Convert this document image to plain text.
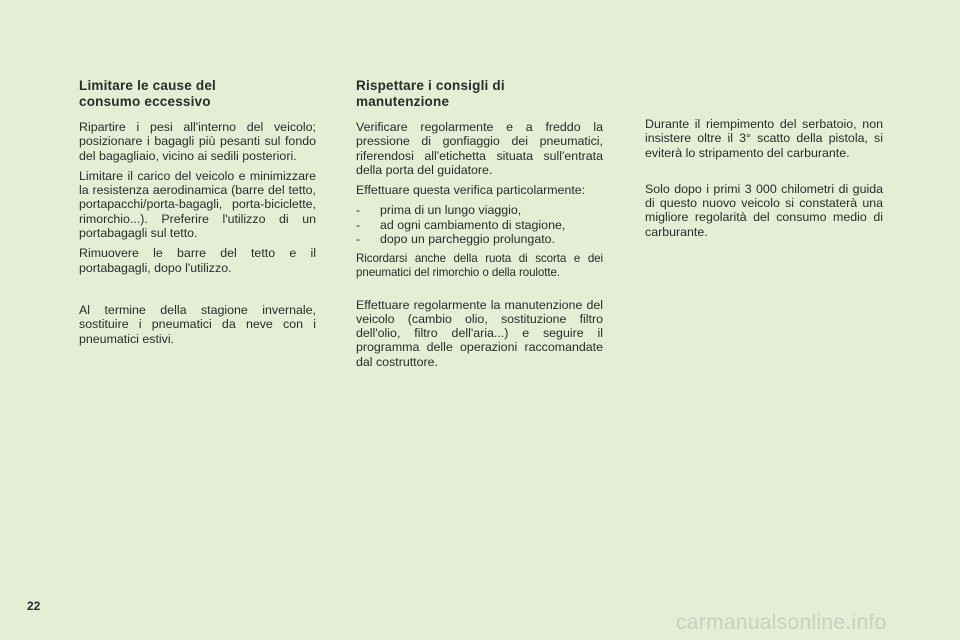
Limitare le cause del
consumo eccessivo

Ripartire i pesi all'interno del veicolo; posizionare i bagagli più pesanti sul fondo del bagagliaio, vicino ai sedili posteriori.

Limitare il carico del veicolo e minimizzare la resistenza aerodinamica (barre del tetto, portapacchi/porta-bagagli, porta-biciclette, rimorchio...). Preferire l'utilizzo di un portabagagli sul tetto.

Rimuovere le barre del tetto e il portabagagli, dopo l'utilizzo.

Al termine della stagione invernale, sostituire i pneumatici da neve con i pneumatici estivi.

Rispettare i consigli di
manutenzione

Verificare regolarmente e a freddo la pressione di gonfiaggio dei pneumatici, riferendosi all'etichetta situata sull'entrata della porta del guidatore.

Effettuare questa verifica particolarmente:

- prima di un lungo viaggio,
- ad ogni cambiamento di stagione,
- dopo un parcheggio prolungato.

Ricordarsi anche della ruota di scorta e dei pneumatici del rimorchio o della roulotte.

Effettuare regolarmente la manutenzione del veicolo (cambio olio, sostituzione filtro dell'olio, filtro dell'aria...) e seguire il programma delle operazioni raccomandate dal costruttore.

Durante il riempimento del serbatoio, non insistere oltre il 3° scatto della pistola, si eviterà lo stripamento del carburante.

Solo dopo i primi 3 000 chilometri di guida di questo nuovo veicolo si constaterà una migliore regolarità del consumo medio di carburante.

22
carmanualsonline.info
